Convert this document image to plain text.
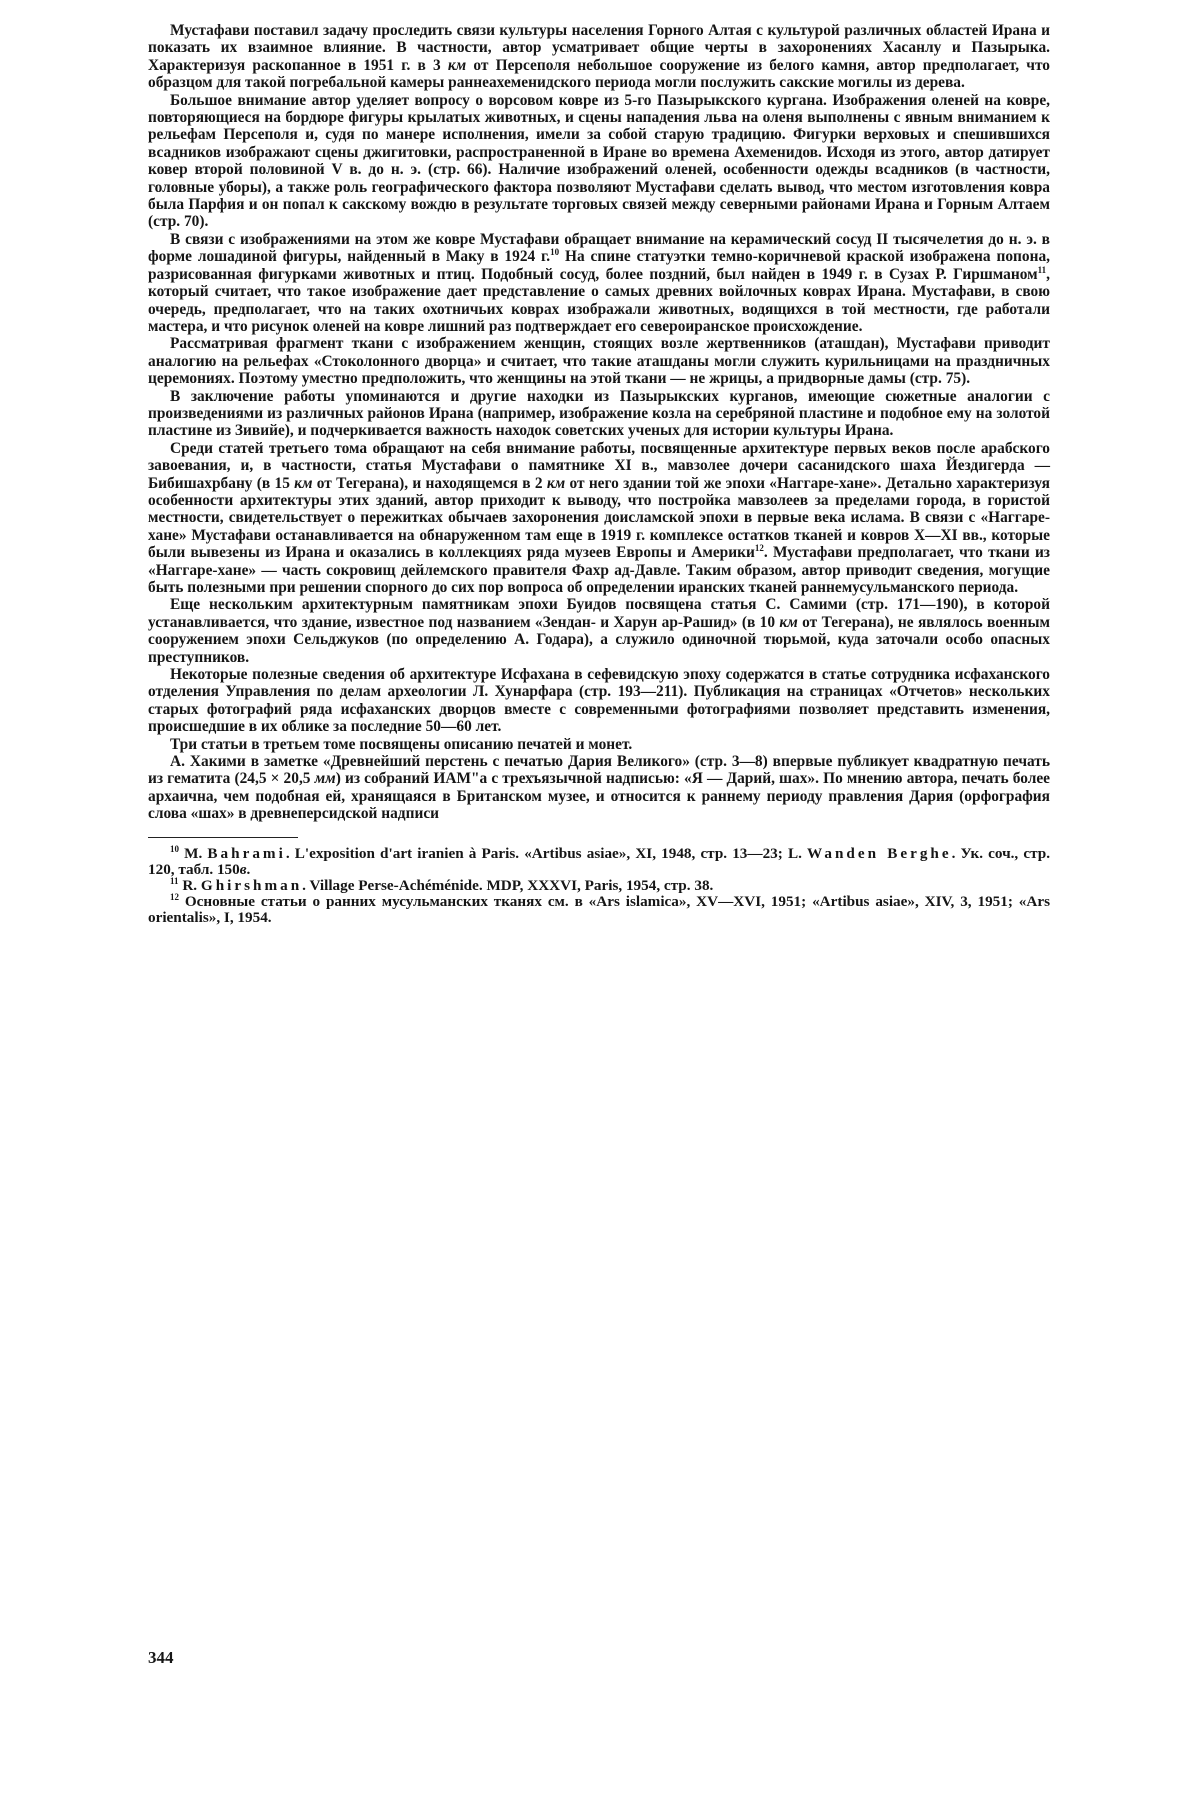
Мустафави поставил задачу проследить связи культуры населения Горного Алтая с культурой различных областей Ирана и показать их взаимное влияние. В частности, автор усматривает общие черты в захоронениях Хасанлу и Пазырыка. Характеризуя раскопанное в 1951 г. в 3 км от Персеполя небольшое сооружение из белого камня, автор предполагает, что образцом для такой погребальной камеры раннеахеменидского периода могли послужить сакские могилы из дерева.

Большое внимание автор уделяет вопросу о ворсовом ковре из 5-го Пазырыкского кургана. Изображения оленей на ковре, повторяющиеся на бордюре фигуры крылатых животных, и сцены нападения льва на оленя выполнены с явным вниманием к рельефам Персеполя и, судя по манере исполнения, имели за собой старую традицию. Фигурки верховых и спешившихся всадников изображают сцены джигитовки, распространенной в Иране во времена Ахеменидов. Исходя из этого, автор датирует ковер второй половиной V в. до н. э. (стр. 66). Наличие изображений оленей, особенности одежды всадников (в частности, головные уборы), а также роль географического фактора позволяют Мустафави сделать вывод, что местом изготовления ковра была Парфия и он попал к сакскому вождю в результате торговых связей между северными районами Ирана и Горным Алтаем (стр. 70).

В связи с изображениями на этом же ковре Мустафави обращает внимание на керамический сосуд II тысячелетия до н. э. в форме лошадиной фигуры, найденный в Маку в 1924 г.$^{10}$ На спине статуэтки темно-коричневой краской изображена попона, разрисованная фигурками животных и птиц. Подобный сосуд, более поздний, был найден в 1949 г. в Сузах Р. Гиршманом$^{11}$, который считает, что такое изображение дает представление о самых древних войлочных коврах Ирана. Мустафави, в свою очередь, предполагает, что на таких охотничьих коврах изображали животных, водящихся в той местности, где работали мастера, и что рисунок оленей на ковре лишний раз подтверждает его североиранское происхождение.

Рассматривая фрагмент ткани с изображением женщин, стоящих возле жертвенников (аташдан), Мустафави приводит аналогию на рельефах «Стоколонного дворца» и считает, что такие аташданы могли служить курильницами на праздничных церемониях. Поэтому уместно предположить, что женщины на этой ткани — не жрицы, а придворные дамы (стр. 75).

В заключение работы упоминаются и другие находки из Пазырыкских курганов, имеющие сюжетные аналогии с произведениями из различных районов Ирана (например, изображение козла на серебряной пластине и подобное ему на золотой пластине из Зивийе), и подчеркивается важность находок советских ученых для истории культуры Ирана.

Среди статей третьего тома обращают на себя внимание работы, посвященные архитектуре первых веков после арабского завоевания, и, в частности, статья Мустафави о памятнике XI в., мавзолее дочери сасанидского шаха Йездигерда — Бибишахрбану (в 15 км от Тегерана), и находящемся в 2 км от него здании той же эпохи «Наггаре-хане». Детально характеризуя особенности архитектуры этих зданий, автор приходит к выводу, что постройка мавзолеев за пределами города, в гористой местности, свидетельствует о пережитках обычаев захоронения доисламской эпохи в первые века ислама. В связи с «Наггаре-хане» Мустафави останавливается на обнаруженном там еще в 1919 г. комплексе остатков тканей и ковров X—XI вв., которые были вывезены из Ирана и оказались в коллекциях ряда музеев Европы и Америки$^{12}$. Мустафави предполагает, что ткани из «Наггаре-хане» — часть сокровищ дейлемского правителя Фахр ад-Давле. Таким образом, автор приводит сведения, могущие быть полезными при решении спорного до сих пор вопроса об определении иранских тканей раннемусульманского периода.

Еще нескольким архитектурным памятникам эпохи Буидов посвящена статья С. Самими (стр. 171—190), в которой устанавливается, что здание, известное под названием «Зендан- и Харун ар-Рашид» (в 10 км от Тегерана), не являлось военным сооружением эпохи Сельджуков (по определению А. Годара), а служило одиночной тюрьмой, куда заточали особо опасных преступников.

Некоторые полезные сведения об архитектуре Исфахана в сефевидскую эпоху содержатся в статье сотрудника исфаханского отделения Управления по делам археологии Л. Хунарфара (стр. 193—211). Публикация на страницах «Отчетов» нескольких старых фотографий ряда исфаханских дворцов вместе с современными фотографиями позволяет представить изменения, происшедшие в их облике за последние 50—60 лет.

Три статьи в третьем томе посвящены описанию печатей и монет.

А. Хакими в заметке «Древнейший перстень с печатью Дария Великого» (стр. 3—8) впервые публикует квадратную печать из гематита (24,5 × 20,5 мм) из собраний ИАМ"а с трехъязычной надписью: «Я — Дарий, шах». По мнению автора, печать более архаична, чем подобная ей, хранящаяся в Британском музее, и относится к раннему периоду правления Дария (орфография слова «шах» в древнеперсидской надписи

$^{10}$ M. Bahrami. L'exposition d'art iranien à Paris. «Artibus asiae», XI, 1948, стр. 13—23; L. Wanden Berghe. Ук. соч., стр. 120, табл. 150в.

$^{11}$ R. Ghirshman. Village Perse-Achéménide. MDP, XXXVI, Paris, 1954, стр. 38.

$^{12}$ Основные статьи о ранних мусульманских тканях см. в «Ars islamica», XV—XVI, 1951; «Artibus asiae», XIV, 3, 1951; «Ars orientalis», I, 1954.

344
